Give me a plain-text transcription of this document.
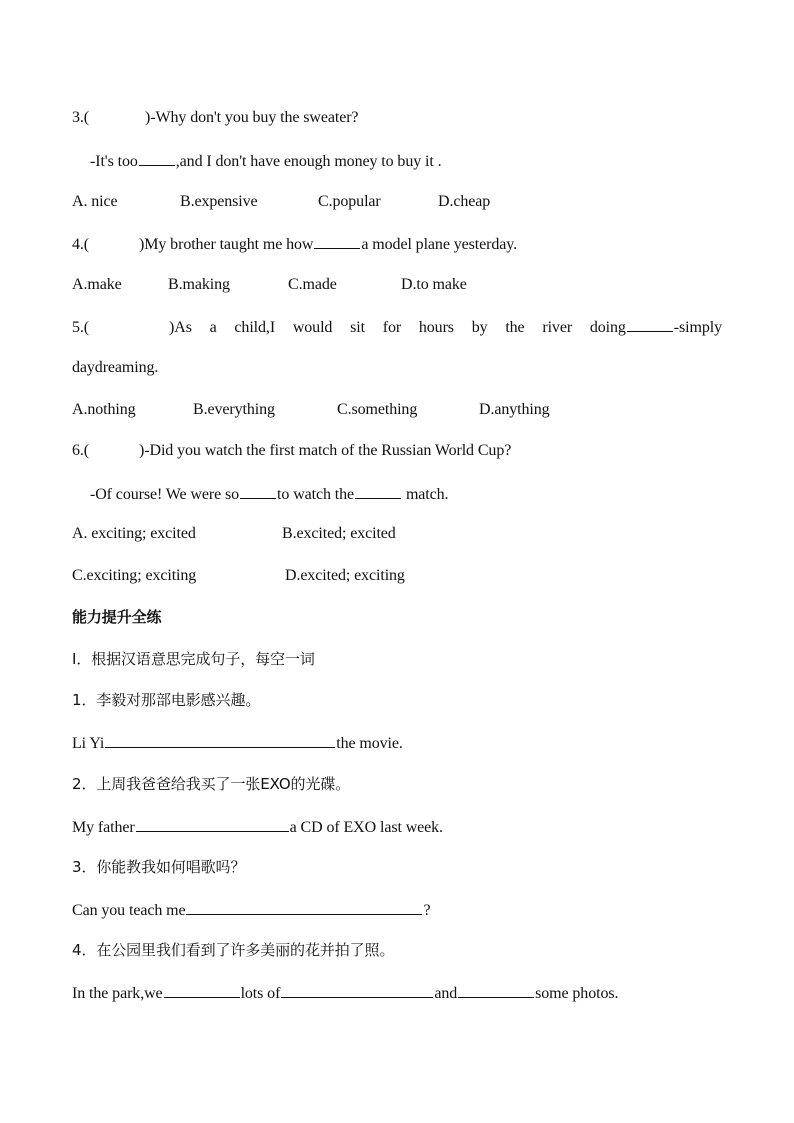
3.(	)-Why don't you buy the sweater?
-It's too ,and I don't have enough money to buy it .
A. nice	B.expensive	C.popular	D.cheap
4.(	)My brother taught me how	a model plane yesterday.
A.make	B.making	C.made	D.to make
5.(	)As a child,I would sit for hours by the river doing	-simply
daydreaming.
A.nothing	B.everything	C.something	D.anything
6.(	)-Did you watch the first match of the Russian World Cup?
-Of course! We were so to watch the	match.
A. exciting; excited	B.excited; excited
C.exciting; exciting	D.excited; exciting
能力提升全练
I．根据汉语意思完成句子，每空一词
1．李毅对那部电影感兴趣。
Li Yi	the movie.
2．上周我爸爸给我买了一张EXO的光碟。
My father	a CD of EXO last week.
3．你能教我如何唱歌吗？
Can you teach me	?
4．在公园里我们看到了许多美丽的花并拍了照。
In the park,we	lots of	and	some photos.
